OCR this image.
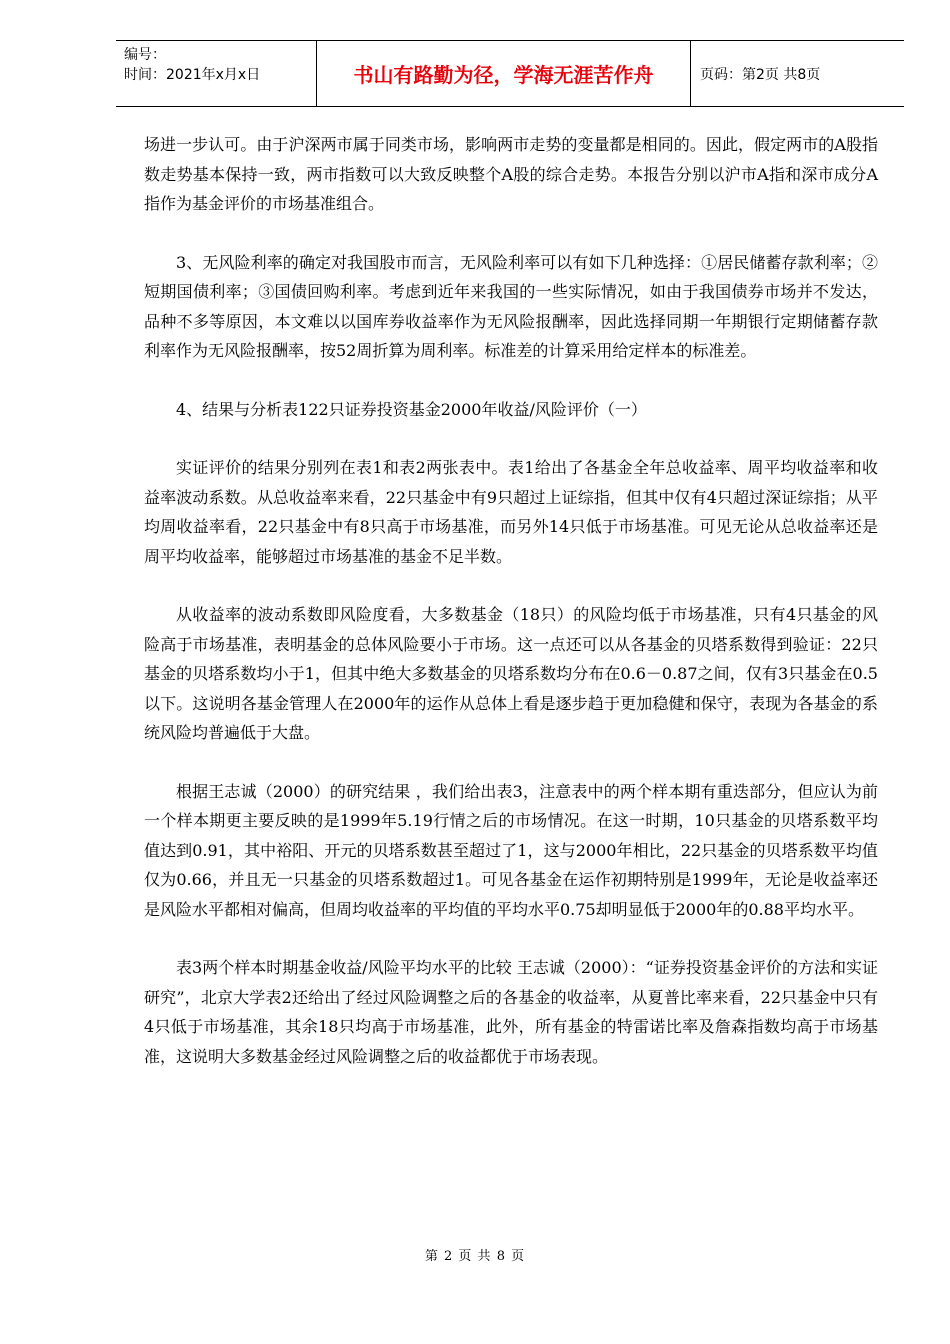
编号：
时间：2021年x月x日	书山有路勤为径，学海无涯苦作舟	页码：第2页 共8页

场进一步认可。由于沪深两市属于同类市场，影响两市走势的变量都是相同的。因此，假定两市的A股指数走势基本保持一致，两市指数可以大致反映整个A股的综合走势。本报告分别以沪市A指和深市成分A指作为基金评价的市场基准组合。

3、无风险利率的确定对我国股市而言，无风险利率可以有如下几种选择：①居民储蓄存款利率；②短期国债利率；③国债回购利率。考虑到近年来我国的一些实际情况，如由于我国债券市场并不发达，品种不多等原因，本文难以以国库券收益率作为无风险报酬率，因此选择同期一年期银行定期储蓄存款利率作为无风险报酬率，按52周折算为周利率。标准差的计算采用给定样本的标准差。

4、结果与分析表122只证券投资基金2000年收益/风险评价（一）

实证评价的结果分别列在表1和表2两张表中。表1给出了各基金全年总收益率、周平均收益率和收益率波动系数。从总收益率来看，22只基金中有9只超过上证综指，但其中仅有4只超过深证综指；从平均周收益率看，22只基金中有8只高于市场基准，而另外14只低于市场基准。可见无论从总收益率还是周平均收益率，能够超过市场基准的基金不足半数。

从收益率的波动系数即风险度看，大多数基金（18只）的风险均低于市场基准，只有4只基金的风险高于市场基准，表明基金的总体风险要小于市场。这一点还可以从各基金的贝塔系数得到验证：22只基金的贝塔系数均小于1，但其中绝大多数基金的贝塔系数均分布在0.6－0.87之间，仅有3只基金在0.5以下。这说明各基金管理人在2000年的运作从总体上看是逐步趋于更加稳健和保守，表现为各基金的系统风险均普遍低于大盘。

根据王志诚（2000）的研究结果 ，我们给出表3，注意表中的两个样本期有重迭部分，但应认为前一个样本期更主要反映的是1999年5.19行情之后的市场情况。在这一时期，10只基金的贝塔系数平均值达到0.91，其中裕阳、开元的贝塔系数甚至超过了1，这与2000年相比，22只基金的贝塔系数平均值仅为0.66，并且无一只基金的贝塔系数超过1。可见各基金在运作初期特别是1999年，无论是收益率还是风险水平都相对偏高，但周均收益率的平均值的平均水平0.75却明显低于2000年的0.88平均水平。

表3两个样本时期基金收益/风险平均水平的比较 王志诚（2000）：“证券投资基金评价的方法和实证研究”，北京大学表2还给出了经过风险调整之后的各基金的收益率，从夏普比率来看，22只基金中只有4只低于市场基准，其余18只均高于市场基准，此外，所有基金的特雷诺比率及詹森指数均高于市场基准，这说明大多数基金经过风险调整之后的收益都优于市场表现。

第 2 页 共 8 页
